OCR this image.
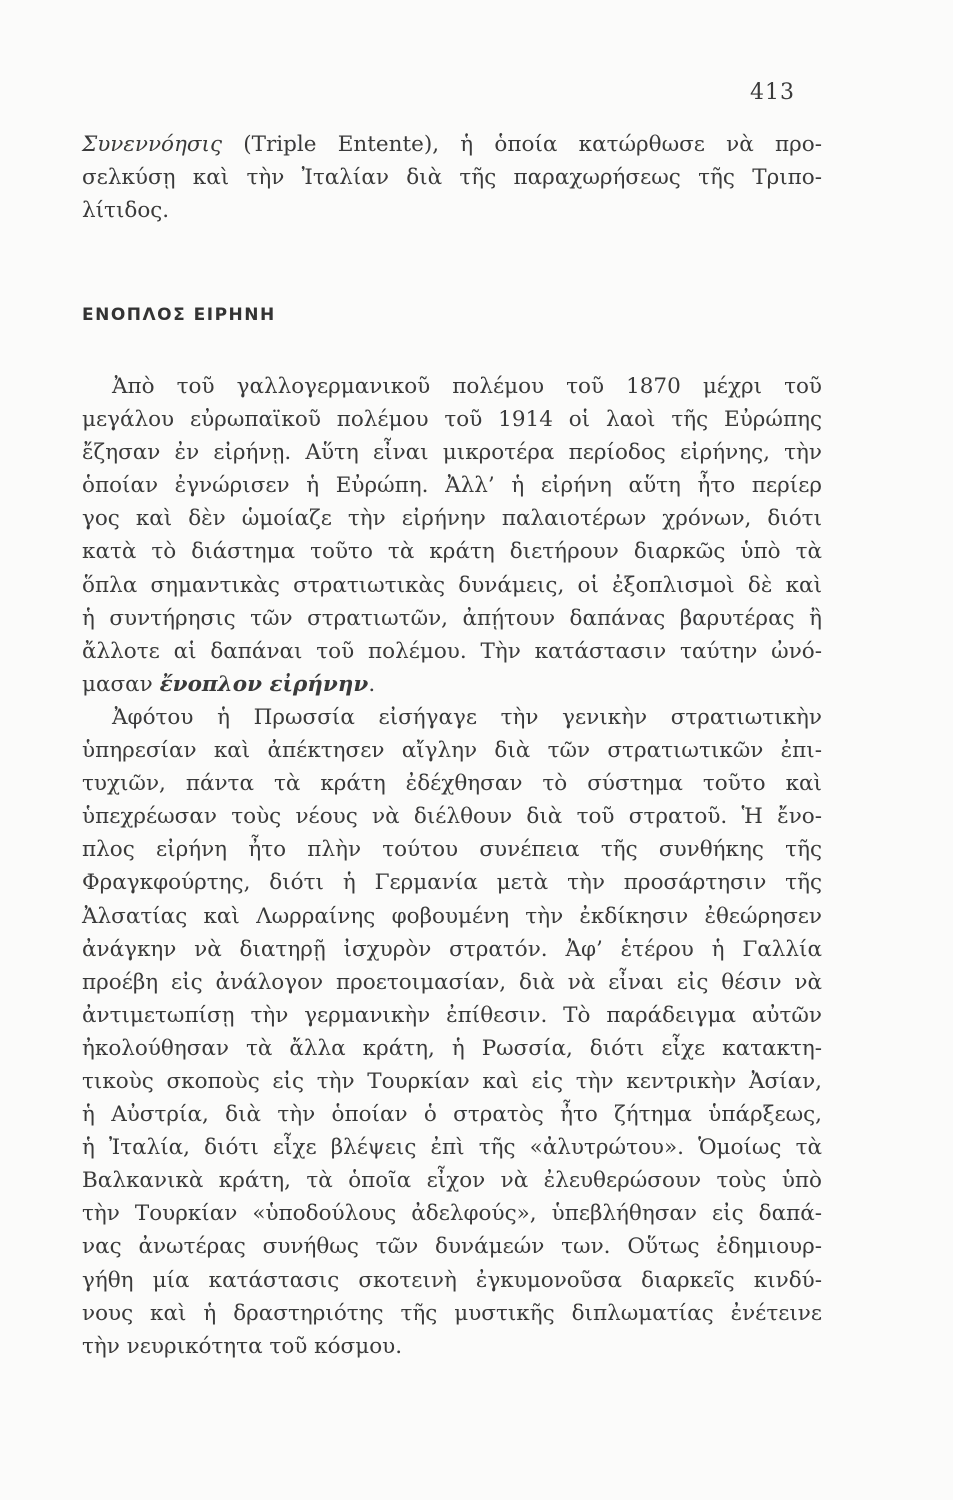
413
Συνεννόησις (Triple Entente), ἡ ὁποία κατώρθωσε νὰ προ-
σελκύσῃ καὶ τὴν Ἰταλίαν διὰ τῆς παραχωρήσεως τῆς Τριπο-
λίτιδος.
ΕΝΟΠΛΟΣ ΕΙΡΗΝΗ
Ἀπὸ τοῦ γαλλογερμανικοῦ πολέμου τοῦ 1870 μέχρι τοῦ
μεγάλου εὐρωπαϊκοῦ πολέμου τοῦ 1914 οἱ λαοὶ τῆς Εὐρώπης
ἔζησαν ἐν εἰρήνῃ. Αὕτη εἶναι μικροτέρα περίοδος εἰρήνης, τὴν
ὁποίαν ἐγνώρισεν ἡ Εὐρώπη. Ἀλλ’ ἡ εἰρήνη αὕτη ἦτο περίερ
γος καὶ δὲν ὡμοίαζε τὴν εἰρήνην παλαιοτέρων χρόνων, διότι
κατὰ τὸ διάστημα τοῦτο τὰ κράτη διετήρουν διαρκῶς ὑπὸ τὰ
ὅπλα σημαντικὰς στρατιωτικὰς δυνάμεις, οἱ ἐξοπλισμοὶ δὲ καὶ
ἡ συντήρησις τῶν στρατιωτῶν, ἀπῄτουν δαπάνας βαρυτέρας ἢ
ἄλλοτε αἱ δαπάναι τοῦ πολέμου. Τὴν κατάστασιν ταύτην ὠνό-
μασαν ἔνοπλον εἰρήνην.
Ἀφότου ἡ Πρωσσία εἰσήγαγε τὴν γενικὴν στρατιωτικὴν
ὑπηρεσίαν καὶ ἀπέκτησεν αἴγλην διὰ τῶν στρατιωτικῶν ἐπι-
τυχιῶν, πάντα τὰ κράτη ἐδέχθησαν τὸ σύστημα τοῦτο καὶ
ὑπεχρέωσαν τοὺς νέους νὰ διέλθουν διὰ τοῦ στρατοῦ. Ἡ ἔνο-
πλος εἰρήνη ἦτο πλὴν τούτου συνέπεια τῆς συνθήκης τῆς
Φραγκφούρτης, διότι ἡ Γερμανία μετὰ τὴν προσάρτησιν τῆς
Ἀλσατίας καὶ Λωρραίνης φοβουμένη τὴν ἐκδίκησιν ἐθεώρησεν
ἀνάγκην νὰ διατηρῇ ἰσχυρὸν στρατόν. Ἀφ’ ἑτέρου ἡ Γαλλία
προέβη εἰς ἀνάλογον προετοιμασίαν, διὰ νὰ εἶναι εἰς θέσιν νὰ
ἀντιμετωπίσῃ τὴν γερμανικὴν ἐπίθεσιν. Τὸ παράδειγμα αὐτῶν
ἠκολούθησαν τὰ ἄλλα κράτη, ἡ Ρωσσία, διότι εἶχε κατακτη-
τικοὺς σκοποὺς εἰς τὴν Τουρκίαν καὶ εἰς τὴν κεντρικὴν Ἀσίαν,
ἡ Αὐστρία, διὰ τὴν ὁποίαν ὁ στρατὸς ἦτο ζήτημα ὑπάρξεως,
ἡ Ἰταλία, διότι εἶχε βλέψεις ἐπὶ τῆς «ἀλυτρώτου». Ὁμοίως τὰ
Βαλκανικὰ κράτη, τὰ ὁποῖα εἶχον νὰ ἐλευθερώσουν τοὺς ὑπὸ
τὴν Τουρκίαν «ὑποδούλους ἀδελφούς», ὑπεβλήθησαν εἰς δαπά-
νας ἀνωτέρας συνήθως τῶν δυνάμεών των. Οὕτως ἐδημιουρ-
γήθη μία κατάστασις σκοτεινὴ ἐγκυμονοῦσα διαρκεῖς κινδύ-
νους καὶ ἡ δραστηριότης τῆς μυστικῆς διπλωματίας ἐνέτεινε
τὴν νευρικότητα τοῦ κόσμου.
